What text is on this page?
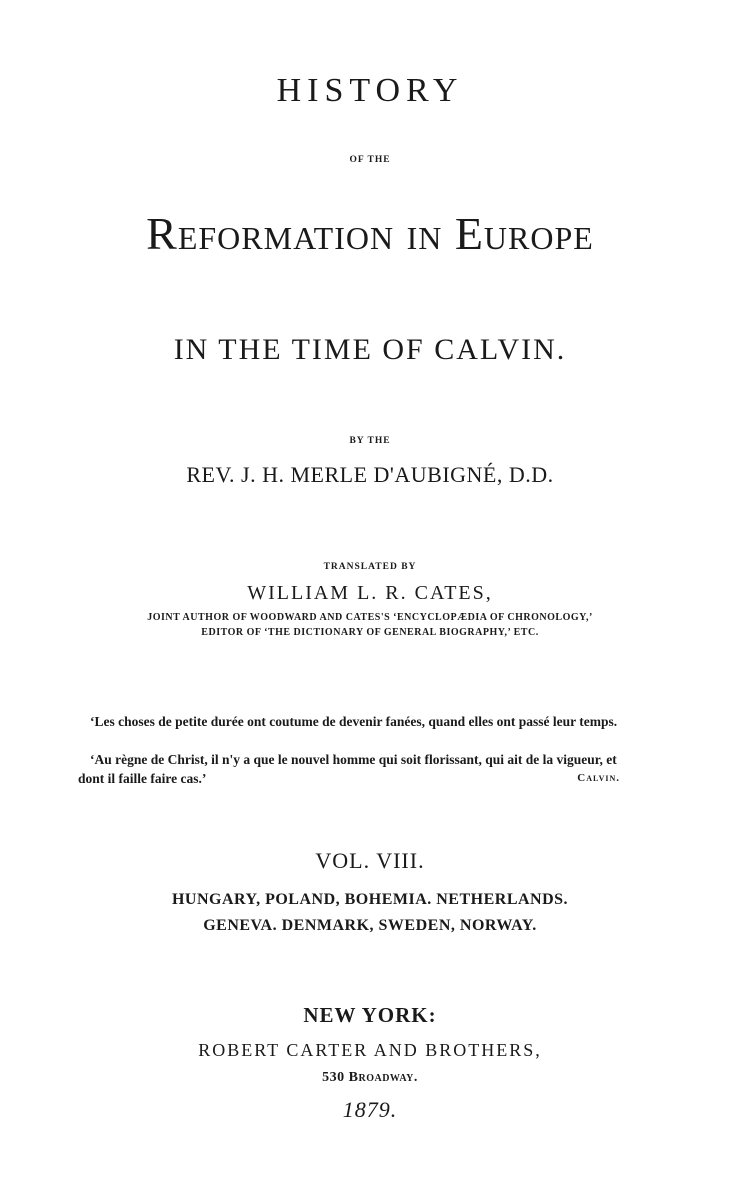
HISTORY
OF THE
Reformation in Europe
IN THE TIME OF CALVIN.
BY THE
REV. J. H. MERLE D'AUBIGNÉ, D.D.
TRANSLATED BY
WILLIAM L. R. CATES,
JOINT AUTHOR OF WOODWARD AND CATES'S ‘ENCYCLOPÆDIA OF CHRONOLOGY,’
EDITOR OF ‘THE DICTIONARY OF GENERAL BIOGRAPHY,’ ETC.
‘Les choses de petite durée ont coutume de devenir fanées, quand elles ont passé leur temps.
‘Au règne de Christ, il n'y a que le nouvel homme qui soit florissant, qui ait de la vigueur, et dont il faille faire cas.’	Calvin.
VOL. VIII.
HUNGARY, POLAND, BOHEMIA. NETHERLANDS.
GENEVA. DENMARK, SWEDEN, NORWAY.
NEW YORK:
ROBERT CARTER AND BROTHERS,
530 Broadway.
1879.
